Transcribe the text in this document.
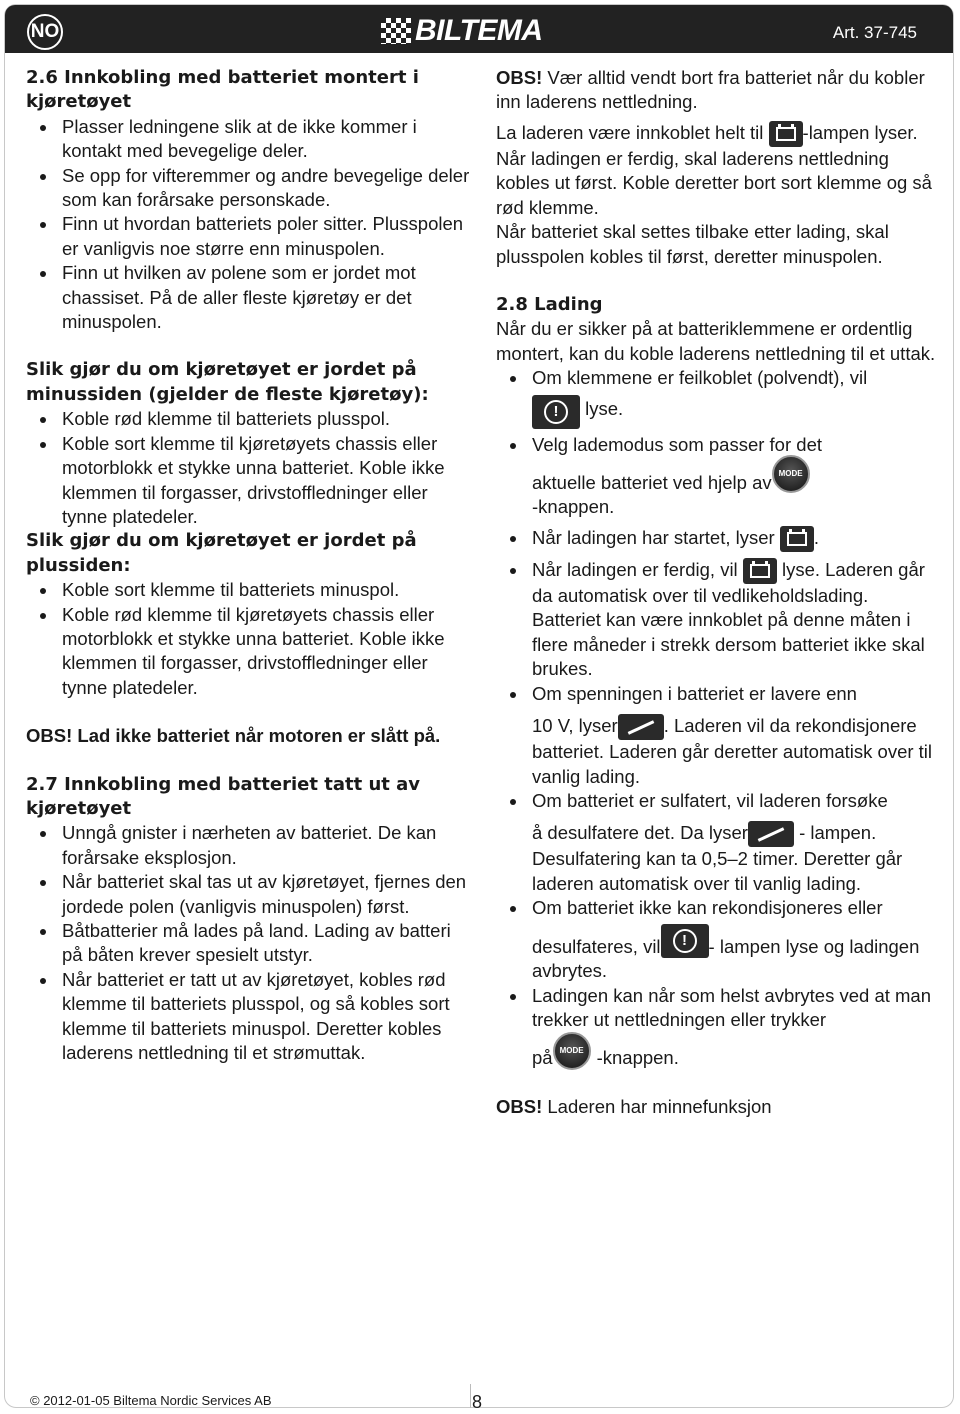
NO	BILTEMA	Art. 37-745

2.6 Innkobling med batteriet montert i kjøretøyet

Plasser ledningene slik at de ikke kommer i kontakt med bevegelige deler.

Se opp for vifteremmer og andre bevegelige deler som kan forårsake personskade.

Finn ut hvordan batteriets poler sitter. Plusspolen er vanligvis noe større enn minuspolen.

Finn ut hvilken av polene som er jordet mot chassiset. På de aller fleste kjøretøy er det minuspolen.

Slik gjør du om kjøretøyet er jordet på minussiden (gjelder de fleste kjøretøy):

Koble rød klemme til batteriets plusspol.

Koble sort klemme til kjøretøyets chassis eller motorblokk et stykke unna batteriet. Koble ikke klemmen til forgasser, drivstoffledninger eller tynne platedeler.

Slik gjør du om kjøretøyet er jordet på plussiden:

Koble sort klemme til batteriets minuspol.

Koble rød klemme til kjøretøyets chassis eller motorblokk et stykke unna batteriet. Koble ikke klemmen til forgasser, drivstoffledninger eller tynne platedeler.

OBS! Lad ikke batteriet når motoren er slått på.

2.7 Innkobling med batteriet tatt ut av kjøretøyet

Unngå gnister i nærheten av batteriet. De kan forårsake eksplosjon.

Når batteriet skal tas ut av kjøretøyet, fjernes den jordede polen (vanligvis minuspolen) først.

Båtbatterier må lades på land. Lading av batteri på båten krever spesielt utstyr.

Når batteriet er tatt ut av kjøretøyet, kobles rød klemme til batteriets plusspol, og så kobles sort klemme til batteriets minuspol. Deretter kobles laderens nettledning til et strømuttak.

OBS! Vær alltid vendt bort fra batteriet når du kobler inn laderens nettledning.

La laderen være innkoblet helt til -lampen lyser.

Når ladingen er ferdig, skal laderens nettledning kobles ut først. Koble deretter bort sort klemme og så rød klemme.

Når batteriet skal settes tilbake etter lading, skal plusspolen kobles til først, deretter minuspolen.

2.8 Lading

Når du er sikker på at batteriklemmene er ordentlig montert, kan du koble laderens nettledning til et uttak.

Om klemmene er feilkoblet (polvendt), vil

!	lyse.
Velg lademodus som passer for det
aktuelle batteriet ved hjelp avMODE
-knappen.
Når ladingen har startet, lyser .
Når ladingen er ferdig, vil  lyse. Laderen går da automatisk over til vedlikeholdslading. Batteriet kan være innkoblet på denne måten i flere måneder i strekk dersom batteriet ikke skal brukes.
Om spenningen i batteriet er lavere enn
10 V, lyser. Laderen vil da rekondisjonere batteriet. Laderen går deretter automatisk over til vanlig lading.
Om batteriet er sulfatert, vil laderen forsøke
å desulfatere det. Da lyser - lampen. Desulfatering kan ta 0,5–2 timer. Deretter går laderen automatisk over til vanlig lading.
Om batteriet ikke kan rekondisjoneres eller
desulfateres, vil	!	- lampen lyse og ladingen avbrytes.
Ladingen kan når som helst avbrytes ved at man trekker ut nettledningen eller trykker
påMODE -knappen.

OBS! Laderen har minnefunksjon

© 2012-01-05 Biltema Nordic Services AB	8
